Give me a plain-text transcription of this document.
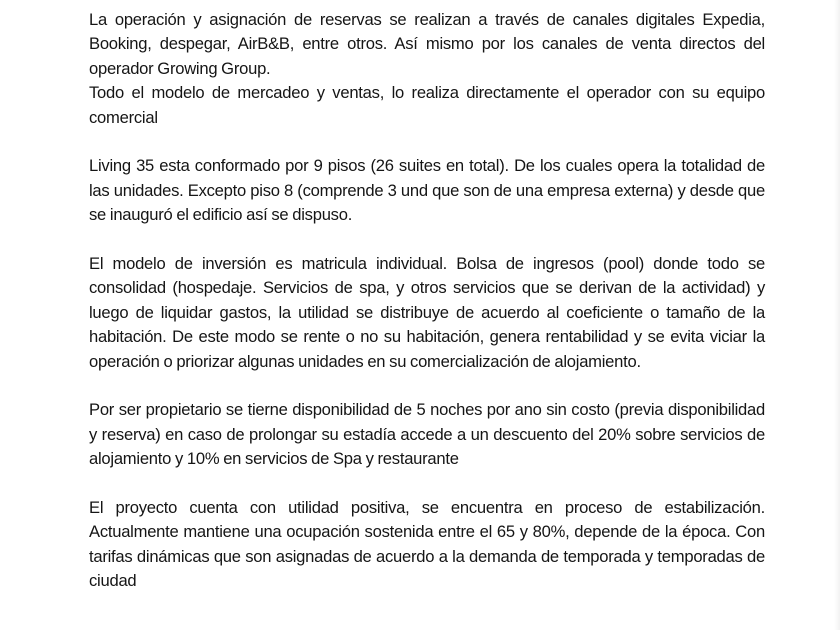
La operación y asignación de reservas se realizan a través de canales digitales Expedia, Booking, despegar, AirB&B, entre otros. Así mismo por los canales de venta directos del operador Growing Group.

Todo el modelo de mercadeo y ventas, lo realiza directamente el operador con su equipo comercial

Living 35 esta conformado por 9 pisos (26 suites en total). De los cuales opera la totalidad de las unidades. Excepto piso 8 (comprende 3 und que son de una empresa externa) y desde que se inauguró el edificio así se dispuso.

El modelo de inversión es matricula individual. Bolsa de ingresos (pool) donde todo se consolidad (hospedaje. Servicios de spa, y otros servicios que se derivan de la actividad) y luego de liquidar gastos, la utilidad se distribuye de acuerdo al coeficiente o tamaño de la habitación. De este modo se rente o no su habitación, genera rentabilidad y se evita viciar la operación o priorizar algunas unidades en su comercialización de alojamiento.

Por ser propietario se tierne disponibilidad de 5 noches por ano sin costo (previa disponibilidad y reserva) en caso de prolongar su estadía accede a un descuento del 20% sobre servicios de alojamiento y 10% en servicios de Spa y restaurante

El proyecto cuenta con utilidad positiva, se encuentra en proceso de estabilización. Actualmente mantiene una ocupación sostenida entre el 65 y 80%, depende de la época. Con tarifas dinámicas que son asignadas de acuerdo a la demanda de temporada y temporadas de ciudad
